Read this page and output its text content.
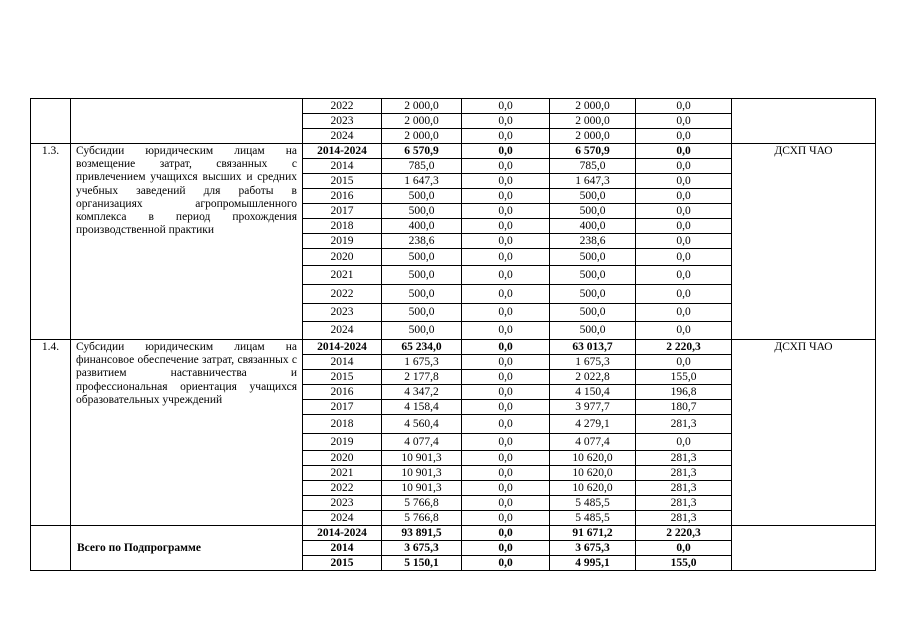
		2022	2 000,0	0,0	2 000,0	0,0	
		2023	2 000,0	0,0	2 000,0	0,0	
		2024	2 000,0	0,0	2 000,0	0,0	
1.3.	Субсидии юридическим лицам на возмещение затрат, связанных с привлечением учащихся высших и средних учебных заведений для работы в организациях агропромышленного комплекса в период прохождения производственной практики	2014-2024	6 570,9	0,0	6 570,9	0,0	ДСХП ЧАО
		2014	785,0	0,0	785,0	0,0	
		2015	1 647,3	0,0	1 647,3	0,0	
		2016	500,0	0,0	500,0	0,0	
		2017	500,0	0,0	500,0	0,0	
		2018	400,0	0,0	400,0	0,0	
		2019	238,6	0,0	238,6	0,0	
		2020	500,0	0,0	500,0	0,0	
		2021	500,0	0,0	500,0	0,0	
		2022	500,0	0,0	500,0	0,0	
		2023	500,0	0,0	500,0	0,0	
		2024	500,0	0,0	500,0	0,0	
1.4.	Субсидии юридическим лицам на финансовое обеспечение затрат, связанных с развитием наставничества и профессиональная ориентация учащихся образовательных учреждений	2014-2024	65 234,0	0,0	63 013,7	2 220,3	ДСХП ЧАО
		2014	1 675,3	0,0	1 675,3	0,0	
		2015	2 177,8	0,0	2 022,8	155,0	
		2016	4 347,2	0,0	4 150,4	196,8	
		2017	4 158,4	0,0	3 977,7	180,7	
		2018	4 560,4	0,0	4 279,1	281,3	
		2019	4 077,4	0,0	4 077,4	0,0	
		2020	10 901,3	0,0	10 620,0	281,3	
		2021	10 901,3	0,0	10 620,0	281,3	
		2022	10 901,3	0,0	10 620,0	281,3	
		2023	5 766,8	0,0	5 485,5	281,3	
		2024	5 766,8	0,0	5 485,5	281,3	
	Всего по Подпрограмме	2014-2024	93 891,5	0,0	91 671,2	2 220,3	
		2014	3 675,3	0,0	3 675,3	0,0	
		2015	5 150,1	0,0	4 995,1	155,0	
